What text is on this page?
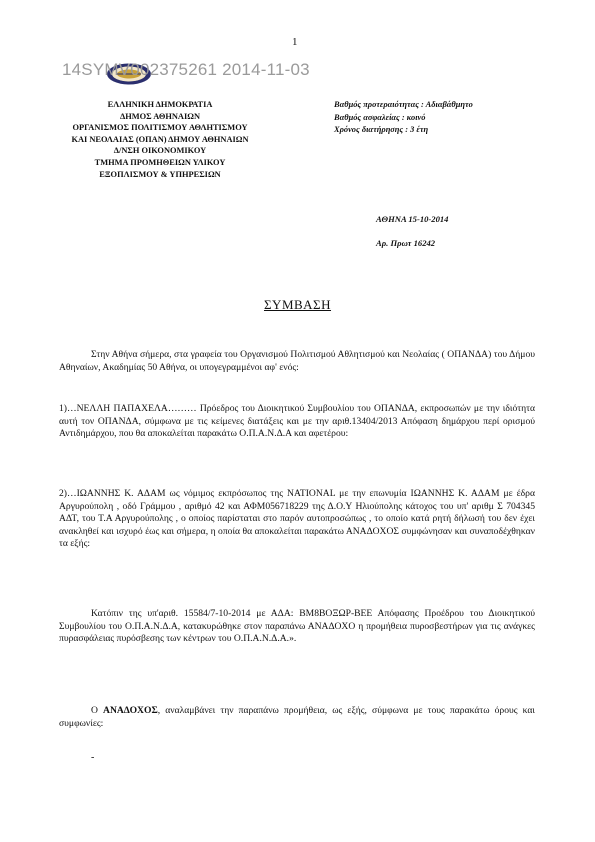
1
14SYMV002375261 2014-11-03
ΕΛΛΗΝΙΚΗ ΔΗΜΟΚΡΑΤΙΑ
ΔΗΜΟΣ ΑΘΗΝΑΙΩΝ
ΟΡΓΑΝΙΣΜΟΣ ΠΟΛΙΤΙΣΜΟΥ ΑΘΛΗΤΙΣΜΟΥ
ΚΑΙ ΝΕΟΛΑΙΑΣ (ΟΠΑΝ) ΔΗΜΟΥ ΑΘΗΝΑΙΩΝ
Δ/ΝΣΗ ΟΙΚΟΝΟΜΙΚΟΥ
ΤΜΗΜΑ ΠΡΟΜΗΘΕΙΩΝ ΥΛΙΚΟΥ
ΕΞΟΠΛΙΣΜΟΥ & ΥΠΗΡΕΣΙΩΝ
Βαθμός προτεραιότητας : Αδιαβάθμητο
Βαθμός ασφαλείας : κοινό
Χρόνος διατήρησης : 3 έτη
ΑΘΗΝΑ 15-10-2014
Αρ. Πρωτ 16242
ΣΥΜΒΑΣΗ

Στην Αθήνα σήμερα, στα γραφεία του Οργανισμού Πολιτισμού Αθλητισμού και Νεολαίας ( ΟΠΑΝΔΑ) του Δήμου Αθηναίων, Ακαδημίας 50 Αθήνα, οι υπογεγραμμένοι αφ' ενός:

1)…ΝΕΛΛΗ ΠΑΠΑΧΕΛΑ……… Πρόεδρος του Διοικητικού Συμβουλίου του ΟΠΑΝΔΑ, εκπροσωπών με την ιδιότητα αυτή τον ΟΠΑΝΔΑ, σύμφωνα με τις κείμενες διατάξεις και με την αριθ.13404/2013 Απόφαση δημάρχου περί ορισμού Αντιδημάρχου, που θα αποκαλείται παρακάτω Ο.Π.Α.Ν.Δ.Α και αφετέρου:

2)…ΙΩΑΝΝΗΣ Κ. ΑΔΑΜ ως νόμιμος εκπρόσωπος της NATIONAL με την επωνυμία ΙΩΑΝΝΗΣ Κ. ΑΔΑΜ με έδρα Αργυρούπολη , οδό Γράμμου , αριθμό 42 και ΑΦΜ056718229 της Δ.Ο.Υ Ηλιούπολης κάτοχος του υπ' αριθμ Σ 704345 ΑΔΤ, του Τ.Α Αργυρούπολης , ο οποίος παρίσταται στο παρόν αυτοπροσώπως , το οποίο κατά ρητή δήλωσή του δεν έχει ανακληθεί και ισχυρό έως και σήμερα, η οποία θα αποκαλείται παρακάτω ΑΝΑΔΟΧΟΣ συμφώνησαν και συναποδέχθηκαν τα εξής:

Κατόπιν της υπ'αριθ. 15584/7-10-2014 με ΑΔΑ: ΒΜ8ΒΟΞΩΡ-ΒΕΕ Απόφασης Προέδρου του Διοικητικού Συμβουλίου του Ο.Π.Α.Ν.Δ.Α, κατακυρώθηκε στον παραπάνω ΑΝΑΔΟΧΟ η προμήθεια πυροσβεστήρων για τις ανάγκες πυρασφάλειας πυρόσβεσης των κέντρων του Ο.Π.Α.Ν.Δ.Α.».

Ο ΑΝΑΔΟΧΟΣ, αναλαμβάνει την παραπάνω προμήθεια, ως εξής, σύμφωνα με τους παρακάτω όρους και συμφωνίες:

-
